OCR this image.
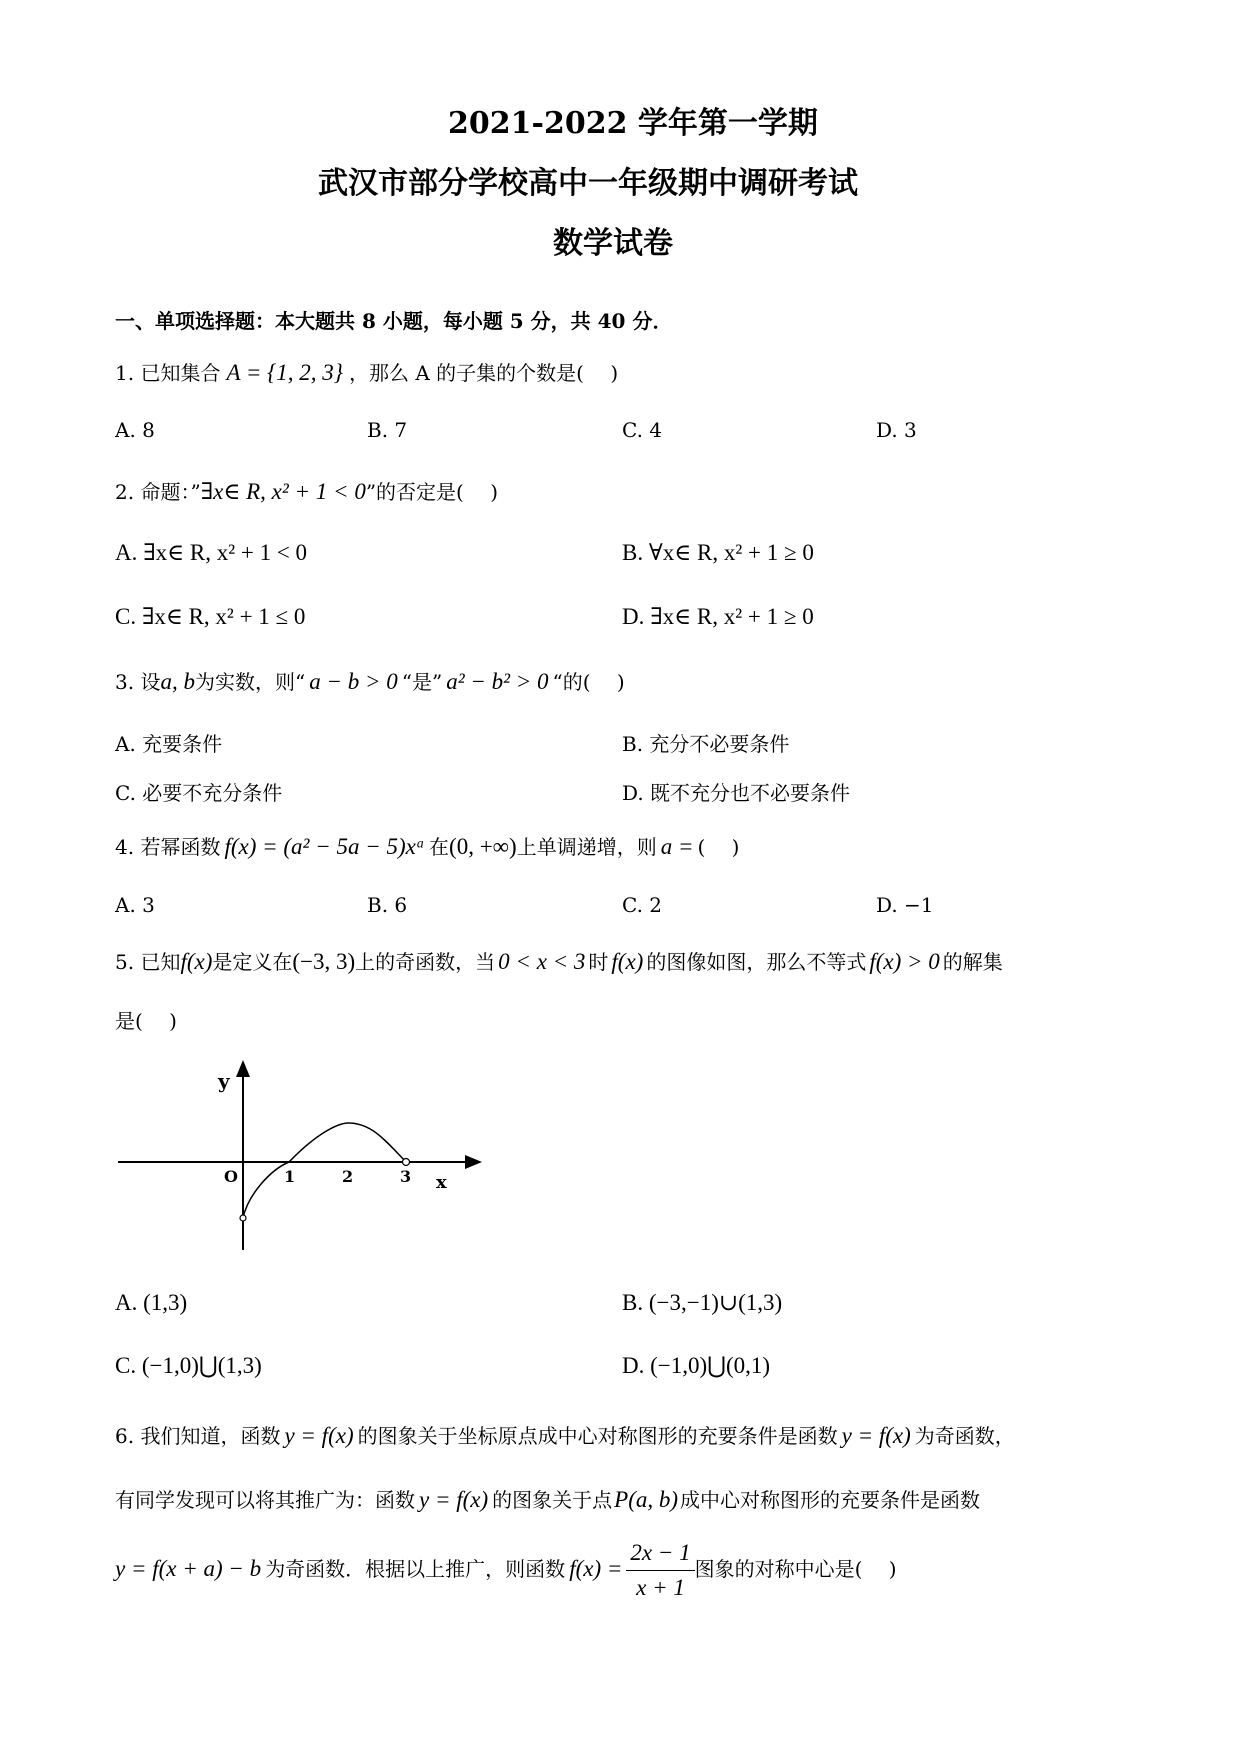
2021-2022 学年第一学期
武汉市部分学校高中一年级期中调研考试
数学试卷
一、单项选择题：本大题共 8 小题，每小题 5 分，共 40 分．
1. 已知集合 A = {1, 2, 3} ，那么 A 的子集的个数是(　 )
A. 8	B. 7	C. 4	D. 3
2. 命题：”∃x∈ R, x² + 1 < 0”的否定是(　 )
A. ∃x∈ R, x² + 1 < 0	B. ∀x∈ R, x² + 1 ≥ 0
C. ∃x∈ R, x² + 1 ≤ 0	D. ∃x∈ R, x² + 1 ≥ 0
3. 设a, b为实数，则“ a − b > 0 “是” a² − b² > 0 “的(　 )
A. 充要条件	B. 充分不必要条件
C. 必要不充分条件	D. 既不充分也不必要条件
4. 若幂函数 f(x) = (a² − 5a − 5)xᵃ 在(0, +∞)上单调递增，则 a = (　 )
A. 3	B. 6	C. 2	D. −1
5. 已知f(x)是定义在(−3, 3)上的奇函数，当 0 < x < 3 时 f(x) 的图像如图，那么不等式 f(x) > 0 的解集
是(　 )
y
x
O	1	2	3
A. (1,3)	B. (−3,−1)∪(1,3)
C. (−1,0)⋃(1,3)	D. (−1,0)⋃(0,1)
6. 我们知道，函数 y = f(x) 的图象关于坐标原点成中心对称图形的充要条件是函数 y = f(x) 为奇函数，
有同学发现可以将其推广为：函数 y = f(x) 的图象关于点P(a, b) 成中心对称图形的充要条件是函数
y = f(x + a) − b 为奇函数．根据以上推广，则函数 $f(x) = \frac{2x - 1}{x + 1}$ 图象的对称中心是(　 )
